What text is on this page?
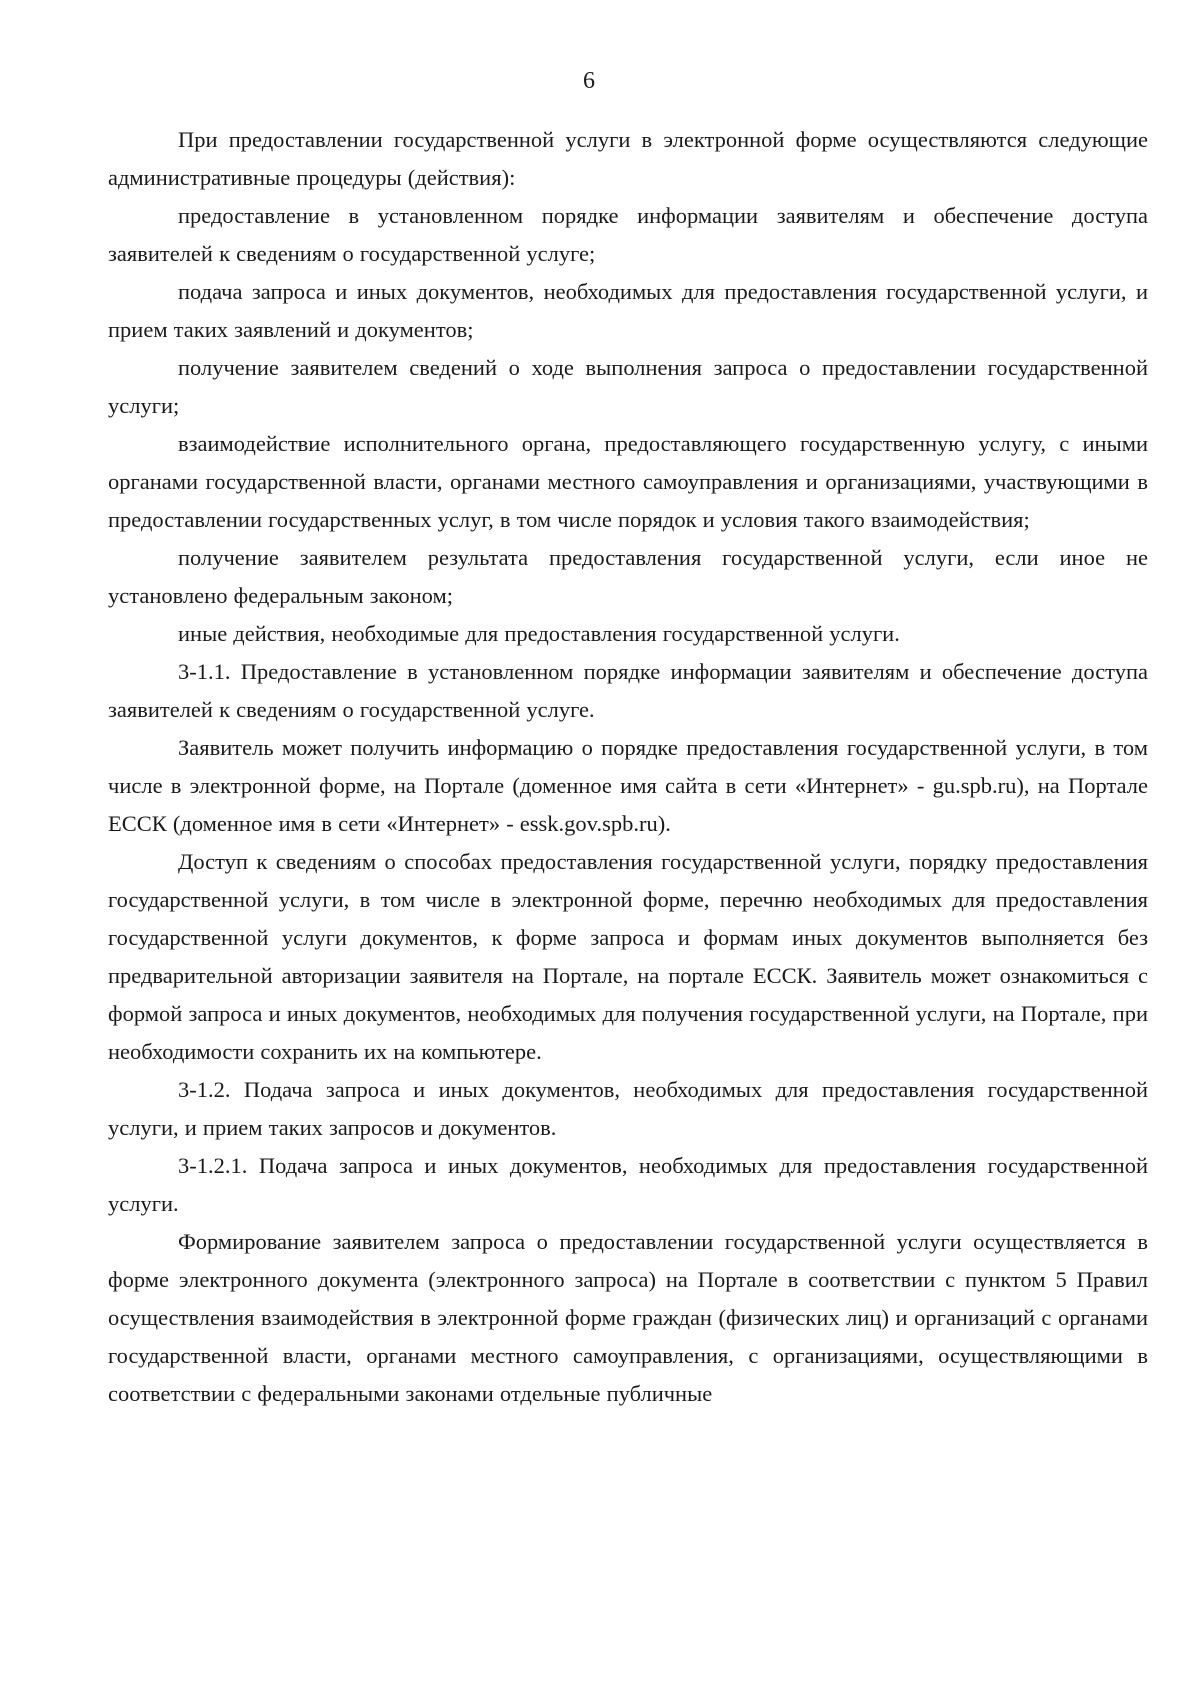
6

При предоставлении государственной услуги в электронной форме осуществляются следующие административные процедуры (действия):

предоставление в установленном порядке информации заявителям и обеспечение доступа заявителей к сведениям о государственной услуге;

подача запроса и иных документов, необходимых для предоставления государственной услуги, и прием таких заявлений и документов;

получение заявителем сведений о ходе выполнения запроса о предоставлении государственной услуги;

взаимодействие исполнительного органа, предоставляющего государственную услугу, с иными органами государственной власти, органами местного самоуправления и организациями, участвующими в предоставлении государственных услуг, в том числе порядок и условия такого взаимодействия;

получение заявителем результата предоставления государственной услуги, если иное не установлено федеральным законом;

иные действия, необходимые для предоставления государственной услуги.

3-1.1. Предоставление в установленном порядке информации заявителям и обеспечение доступа заявителей к сведениям о государственной услуге.

Заявитель может получить информацию о порядке предоставления государственной услуги, в том числе в электронной форме, на Портале (доменное имя сайта в сети «Интернет» - gu.spb.ru), на Портале ЕССК (доменное имя в сети «Интернет» - essk.gov.spb.ru).

Доступ к сведениям о способах предоставления государственной услуги, порядку предоставления государственной услуги, в том числе в электронной форме, перечню необходимых для предоставления государственной услуги документов, к форме запроса и формам иных документов выполняется без предварительной авторизации заявителя на Портале, на портале ЕССК. Заявитель может ознакомиться с формой запроса и иных документов, необходимых для получения государственной услуги, на Портале, при необходимости сохранить их на компьютере.

3-1.2. Подача запроса и иных документов, необходимых для предоставления государственной услуги, и прием таких запросов и документов.

3-1.2.1. Подача запроса и иных документов, необходимых для предоставления государственной услуги.

Формирование заявителем запроса о предоставлении государственной услуги осуществляется в форме электронного документа (электронного запроса) на Портале в соответствии с пунктом 5 Правил осуществления взаимодействия в электронной форме граждан (физических лиц) и организаций с органами государственной власти, органами местного самоуправления, с организациями, осуществляющими в соответствии с федеральными законами отдельные публичные
